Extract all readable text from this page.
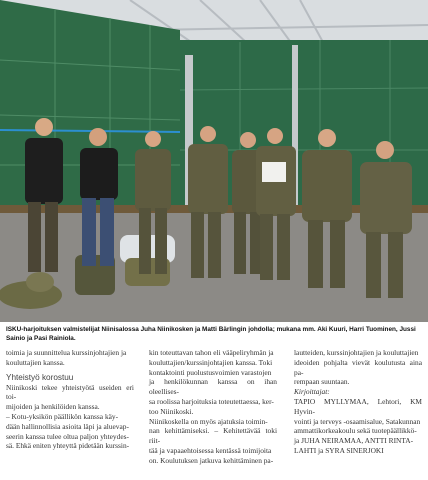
ISKU-harjoituksen valmistelijat Niinisalossa Juha Niinikosken ja Matti Bärlingin johdolla; mukana mm. Aki Kuuri, Harri Tuominen, Jussi Sainio ja Pasi Rainiola.

toimia ja suunnittelua kurssinjohtajien ja

kouluttajien kanssa.

Yhteistyö korostuu

Niinikoski tekee yhteistyötä useiden eri toi-

mijoiden ja henkilöiden kanssa.

– Kotu-yksikön päällikön kanssa käy-

dään hallinnollisia asioita läpi ja aluevap-

seerin kanssa tulee oltua paljon yhteydes-

sä. Ehkä eniten yhteyttä pidetään kurssin-

kin toteuttavan tahon eli vääpeliryhmän ja

kouluttajien/kurssinjohtajien kanssa. Toki

kontaktointi puolustusvoimien varastojen

ja henkilökunnan kanssa on ihan oleellises-

sa roolissa harjoituksia toteutettaessa, ker-

too Niinikoski.

Niinikoskella on myös ajatuksia toimin-

nan kehittämiseksi. – Kehitettävää toki riit-

tää ja vapaaehtoisessa kentässä toimijoita

on. Koulutuksen jatkuva kehittäminen pa-

lautteiden, kurssinjohtajien ja kouluttajien

ideoiden pohjalta vievät koulutusta aina pa-

rempaan suuntaan.

Kirjoittajat:

TAPIO MYLLYMAA, Lehtori, KM Hyvin-

vointi ja terveys -osaamisalue, Satakunnan

ammattikorkeakoulu sekä tuotepäällikkö-

ja JUHA NEIRAMAA, ANTTI RINTA-

LAHTI ja SYRA SINERJOKI
